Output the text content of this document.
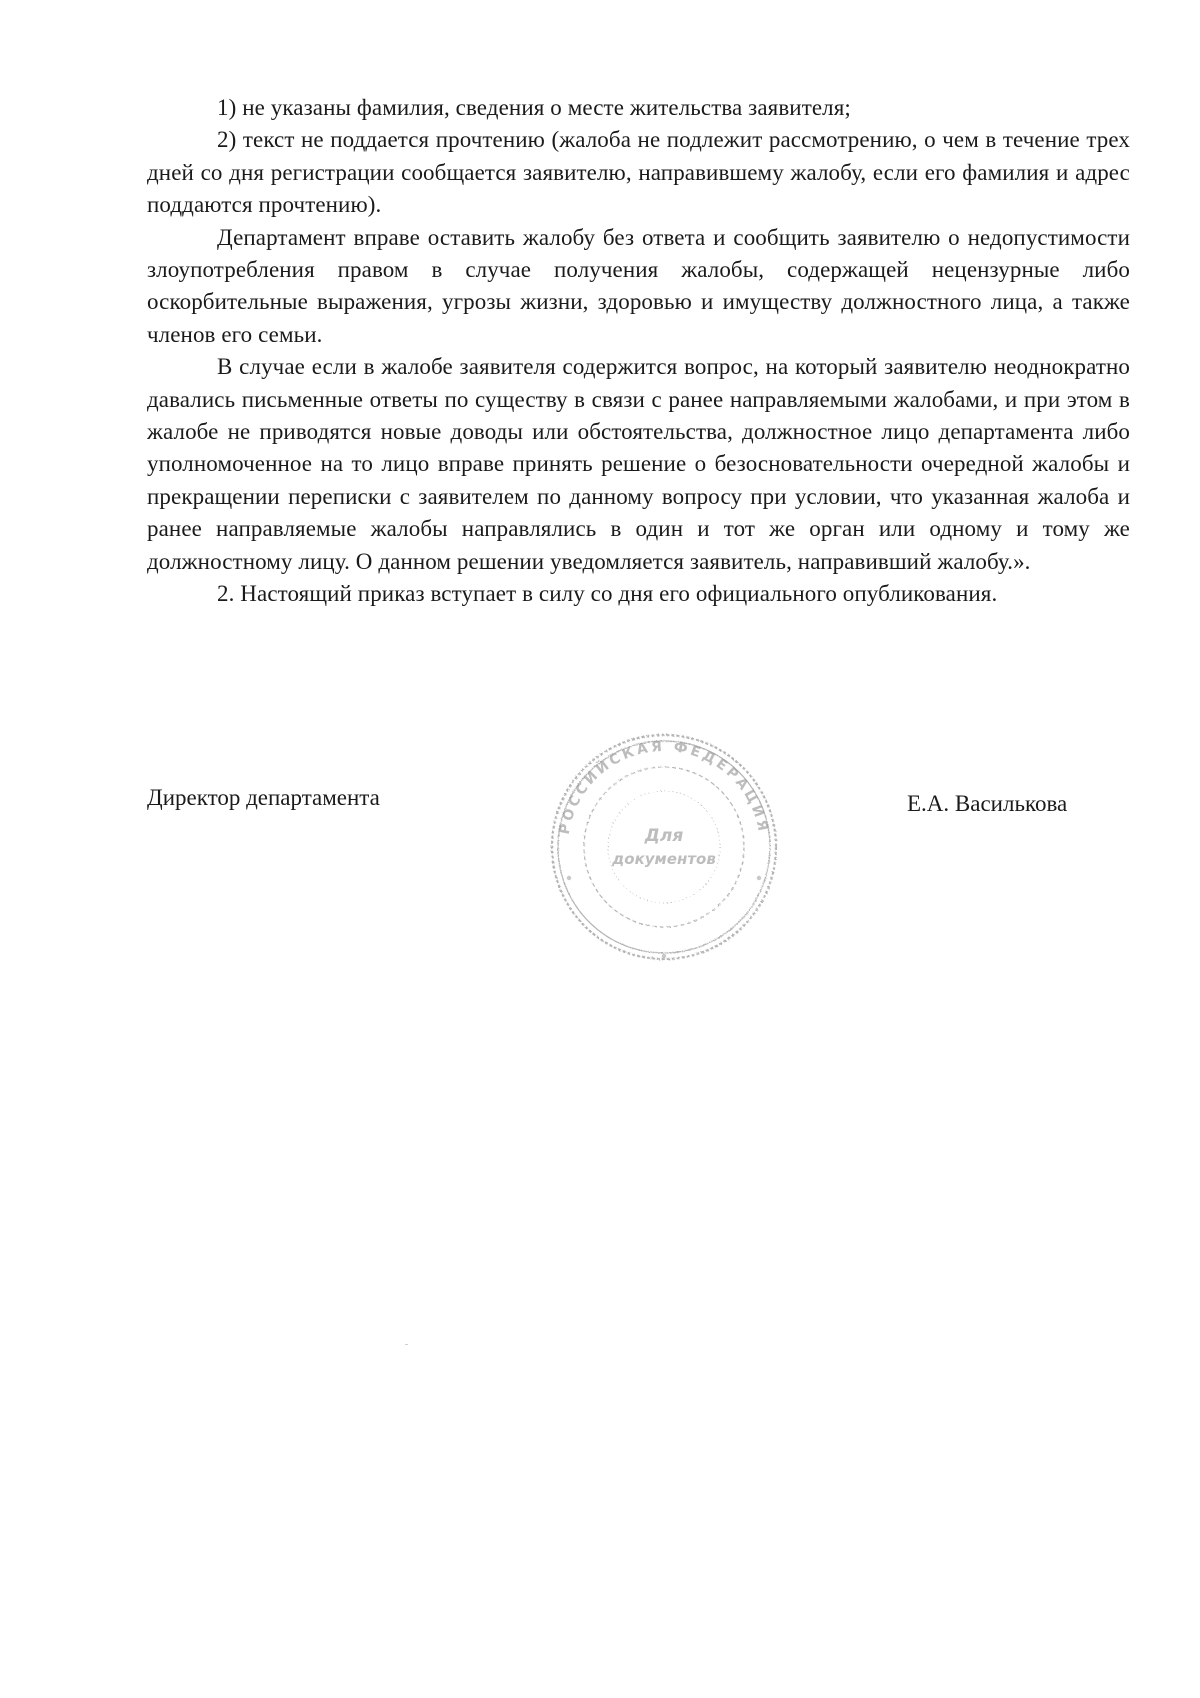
1) не указаны фамилия, сведения о месте жительства заявителя;

2) текст не поддается прочтению (жалоба не подлежит рассмотрению, о чем в течение трех дней со дня регистрации сообщается заявителю, направившему жалобу, если его фамилия и адрес поддаются прочтению).

Департамент вправе оставить жалобу без ответа и сообщить заявителю о недопустимости злоупотребления правом в случае получения жалобы, содержащей нецензурные либо оскорбительные выражения, угрозы жизни, здоровью и имуществу должностного лица, а также членов его семьи.

В случае если в жалобе заявителя содержится вопрос, на который заявителю неоднократно давались письменные ответы по существу в связи с ранее направляемыми жалобами, и при этом в жалобе не приводятся новые доводы или обстоятельства, должностное лицо департамента либо уполномоченное на то лицо вправе принять решение о безосновательности очередной жалобы и прекращении переписки с заявителем по данному вопросу при условии, что указанная жалоба и ранее направляемые жалобы направлялись в один и тот же орган или одному и тому же должностному лицу. О данном решении уведомляется заявитель, направивший жалобу.».

2. Настоящий приказ вступает в силу со дня его официального опубликования.

Директор департамента	Е.А. Василькова
РОССИЙСКАЯ ФЕДЕРАЦИЯ
Для
документов
